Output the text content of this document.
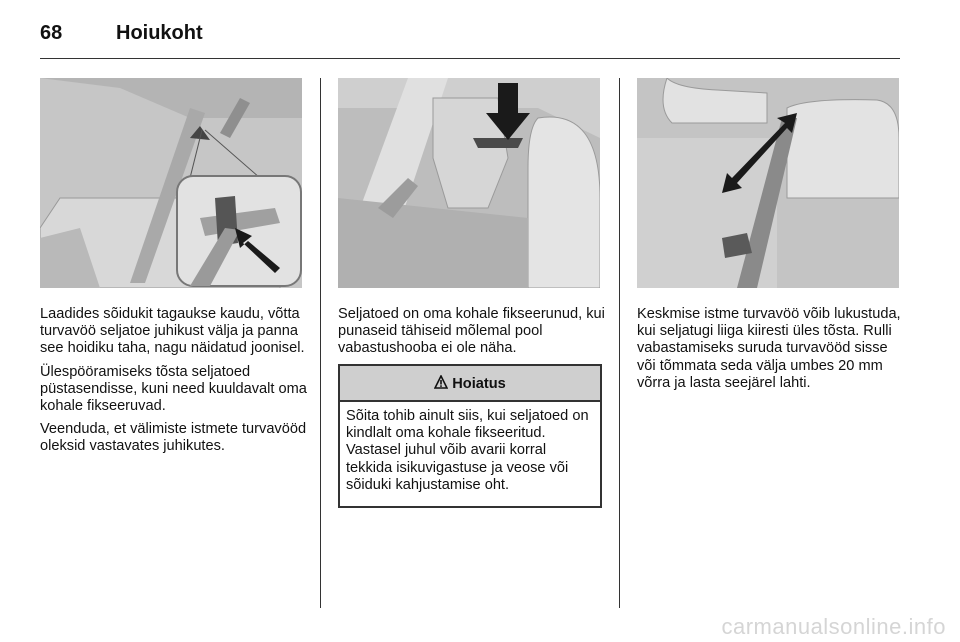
68	Hoiukoht

Laadides sõidukit tagaukse kaudu, võtta turvavöö seljatoe juhikust välja ja panna see hoidiku taha, nagu näidatud joonisel.

Ülespööramiseks tõsta seljatoed püstasendisse, kuni need kuuldavalt oma kohale fikseeruvad.

Veenduda, et välimiste istmete turvavööd oleksid vastavates juhikutes.

Seljatoed on oma kohale fikseerunud, kui punaseid tähiseid mõlemal pool vabastushooba ei ole näha.

Hoiatus
Sõita tohib ainult siis, kui seljatoed on kindlalt oma kohale fikseeritud. Vastasel juhul võib avarii korral tekkida isikuvigastuse ja veose või sõiduki kahjustamise oht.

Keskmise istme turvavöö võib lukustuda, kui seljatugi liiga kiiresti üles tõsta. Rulli vabastamiseks suruda turvavööd sisse või tõmmata seda välja umbes 20 mm võrra ja lasta seejärel lahti.

carmanualsonline.info
